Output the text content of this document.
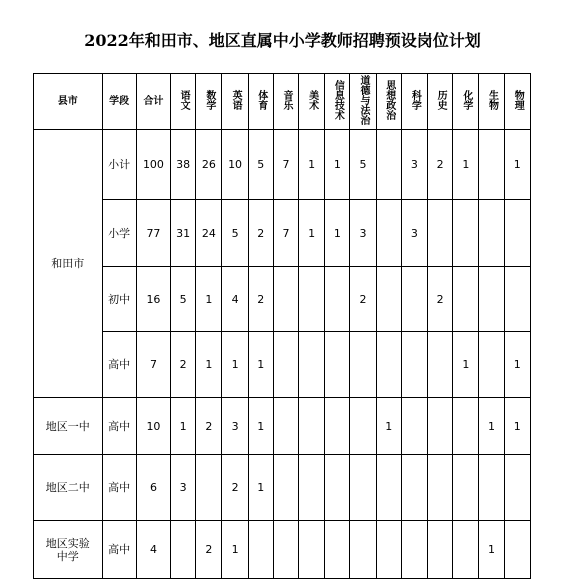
2022年和田市、地区直属中小学教师招聘预设岗位计划
县市	学段	合计	语文	数学	英语	体育	音乐	美术	信息技术	道德与法治	思想政治	科学	历史	化学	生物	物理
和田市	小计	100	38	26	10	5	7	1	1	5		3	2	1		1
	小学	77	31	24	5	2	7	1	1	3		3				
	初中	16	5	1	4	2				2			2			
	高中	7	2	1	1	1								1		1
地区一中	高中	10	1	2	3	1					1				1	1
地区二中	高中	6	3		2	1										
地区实验中学	高中	4		2	1										1	
